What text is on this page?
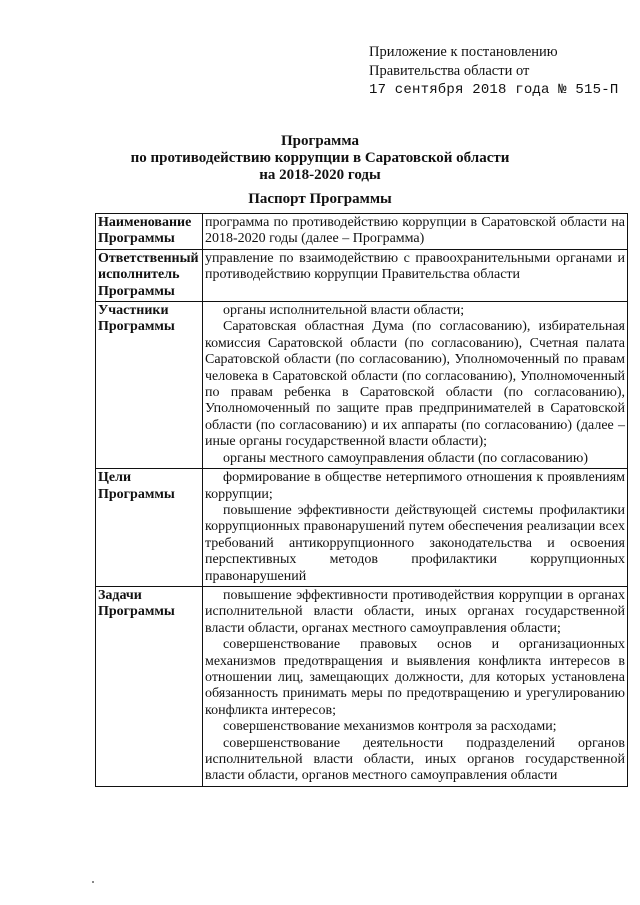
Приложение к постановлению
Правительства области от
17 сентября 2018 года № 515-П
Программа
по противодействию коррупции в Саратовской области
на 2018-2020 годы
Паспорт Программы
Наименование Программы	программа по противодействию коррупции в Саратовской области на 2018-2020 годы (далее – Программа)

Ответственный исполнитель Программы	управление по взаимодействию с правоохранительными органами и противодействию коррупции Правительства области

Участники Программы	органы исполнительной власти области;

Саратовская областная Дума (по согласованию), избирательная комиссия Саратовской области (по согласованию), Счетная палата Саратовской области (по согласованию), Уполномоченный по правам человека в Саратовской области (по согласованию), Уполномоченный по правам ребенка в Саратовской области (по согласованию), Уполномоченный по защите прав предпринимателей в Саратовской области (по согласованию) и их аппараты (по согласованию) (далее – иные органы государственной власти области);

органы местного самоуправления области (по согласованию)

Цели Программы	формирование в обществе нетерпимого отношения к проявлениям коррупции;

повышение эффективности действующей системы профилактики коррупционных правонарушений путем обеспечения реализации всех требований антикоррупционного законодательства и освоения перспективных методов профилактики коррупционных правонарушений

Задачи Программы	повышение эффективности противодействия коррупции в органах исполнительной власти области, иных органах государственной власти области, органах местного самоуправления области;

совершенствование правовых основ и организационных механизмов предотвращения и выявления конфликта интересов в отношении лиц, замещающих должности, для которых установлена обязанность принимать меры по предотвращению и урегулированию конфликта интересов;

совершенствование механизмов контроля за расходами;

совершенствование деятельности подразделений органов исполнительной власти области, иных органов государственной власти области, органов местного самоуправления области
